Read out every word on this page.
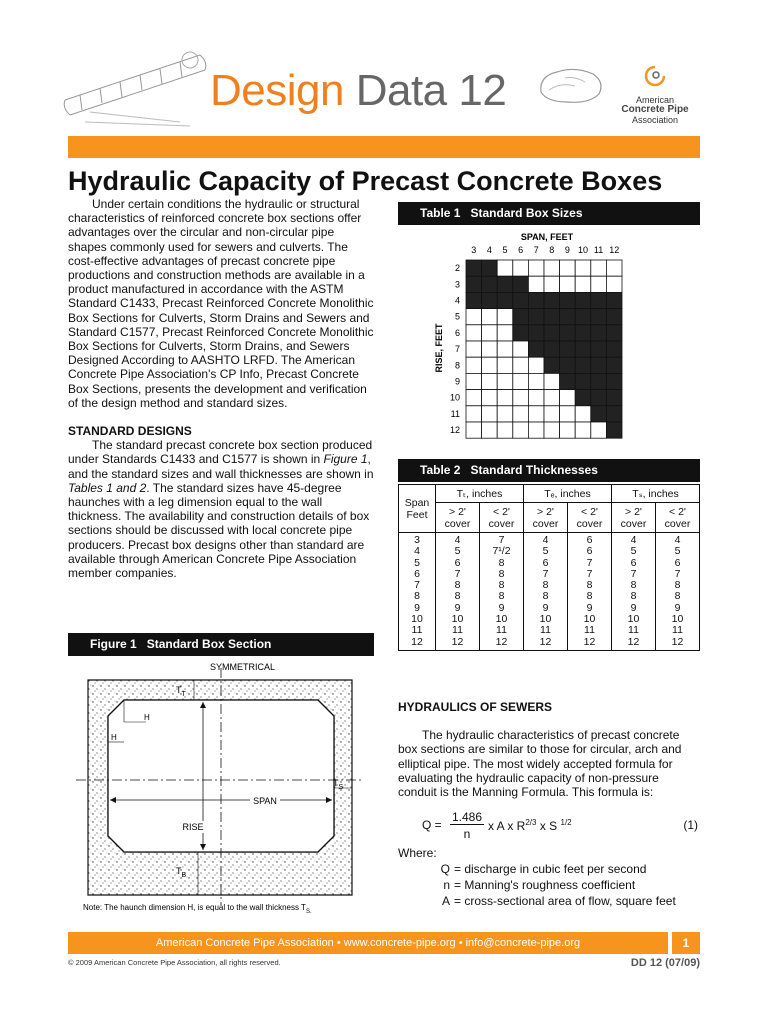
Design Data 12	American
Concrete Pipe
Association
Hydraulic Capacity of Precast Concrete Boxes

Under certain conditions the hydraulic or structural characteristics of reinforced concrete box sections offer advantages over the circular and non-circular pipe shapes commonly used for sewers and culverts. The cost-effective advantages of precast concrete pipe productions and construction methods are available in a product manufactured in accordance with the ASTM Standard C1433, Precast Reinforced Concrete Monolithic Box Sections for Culverts, Storm Drains and Sewers and Standard C1577, Precast Reinforced Concrete Monolithic Box Sections for Culverts, Storm Drains, and Sewers Designed According to AASHTO LRFD. The American Concrete Pipe Association's CP Info, Precast Concrete Box Sections, presents the development and verification of the design method and standard sizes.

STANDARD DESIGNS

The standard precast concrete box section produced under Standards C1433 and C1577 is shown in Figure 1, and the standard sizes and wall thicknesses are shown in Tables 1 and 2. The standard sizes have 45-degree haunches with a leg dimension equal to the wall thickness. The availability and construction details of box sections should be discussed with local concrete pipe producers. Precast box designs other than standard are available through American Concrete Pipe Association member companies.

Table 1 Standard Box Sizes
SPAN, FEET
RISE, FEET
3 4 5 6 7 8 9 10 11 12
2
3
4
5
6
7
8
9
10
11
12
Table 2 Standard Thicknesses
Span Feet	Tₜ, inches		Tₑ, inches		Tₛ, inches	
	> 2' cover	< 2' cover	> 2' cover	< 2' cover	> 2' cover	< 2' cover
3	4	7	4	6	4	4
4	5	7¹/2	5	6	5	5
5	6	8	6	7	6	6
6	7	8	7	7	7	7
7	8	8	8	8	8	8
8	8	8	8	8	8	8
9	9	9	9	9	9	9
10	10	10	10	10	10	10
11	11	11	11	11	11	11
12	12	12	12	12	12	12
Figure 1 Standard Box Section
SYMMETRICAL
SPAN
RISE
H
H
$T_T$
$T_S$
$T_B$
Note: The haunch dimension H, is equal to the wall thickness $T_{S.}$

HYDRAULICS OF SEWERS

The hydraulic characteristics of precast concrete box sections are similar to those for circular, arch and elliptical pipe. The most widely accepted formula for evaluating the hydraulic capacity of non-pressure conduit is the Manning Formula. This formula is:

Q =
1.486
n
x A x $R^{2/3}$ x S $^{1/2}$	(1)
Where:
Q = discharge in cubic feet per second
n = Manning's roughness coefficient
A = cross-sectional area of flow, square feet
American Concrete Pipe Association • www.concrete-pipe.org • info@concrete-pipe.org	1
© 2009 American Concrete Pipe Association, all rights reserved.	DD 12 (07/09)
